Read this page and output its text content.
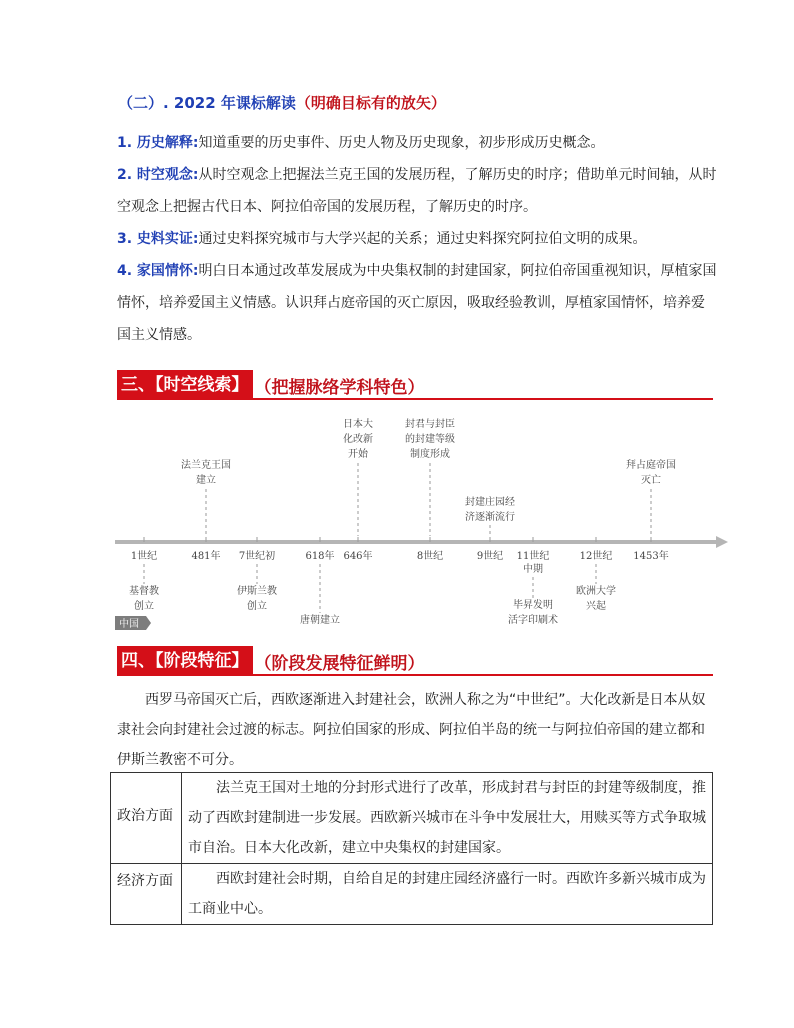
（二）. 2022 年课标解读（明确目标有的放矢）
1. 历史解释:知道重要的历史事件、历史人物及历史现象，初步形成历史概念。
2. 时空观念:从时空观念上把握法兰克王国的发展历程，了解历史的时序；借助单元时间轴，从时空观念上把握古代日本、阿拉伯帝国的发展历程，了解历史的时序。
3. 史料实证:通过史料探究城市与大学兴起的关系；通过史料探究阿拉伯文明的成果。
4. 家国情怀:明白日本通过改革发展成为中央集权制的封建国家，阿拉伯帝国重视知识，厚植家国情怀，培养爱国主义情感。认识拜占庭帝国的灭亡原因，吸取经验教训，厚植家国情怀，培养爱国主义情感。
三、【时空线索】 （把握脉络学科特色）
1世纪
基督教
创立
481年
法兰克王国
建立
7世纪初
伊斯兰教
创立
618年
唐朝建立
646年
日本大
化改新
开始
8世纪
封君与封臣
的封建等级
制度形成
9世纪
封建庄园经
济逐渐流行
11世纪
中期
毕昇发明
活字印刷术
12世纪
欧洲大学
兴起
1453年
拜占庭帝国
灭亡
中国
四、【阶段特征】 （阶段发展特征鲜明）
西罗马帝国灭亡后，西欧逐渐进入封建社会，欧洲人称之为“中世纪”。大化改新是日本从奴隶社会向封建社会过渡的标志。阿拉伯国家的形成、阿拉伯半岛的统一与阿拉伯帝国的建立都和伊斯兰教密不可分。
政治方面	法兰克王国对土地的分封形式进行了改革，形成封君与封臣的封建等级制度，推动了西欧封建制进一步发展。西欧新兴城市在斗争中发展壮大，用赎买等方式争取城市自治。日本大化改新，建立中央集权的封建国家。
经济方面	西欧封建社会时期，自给自足的封建庄园经济盛行一时。西欧许多新兴城市成为工商业中心。
